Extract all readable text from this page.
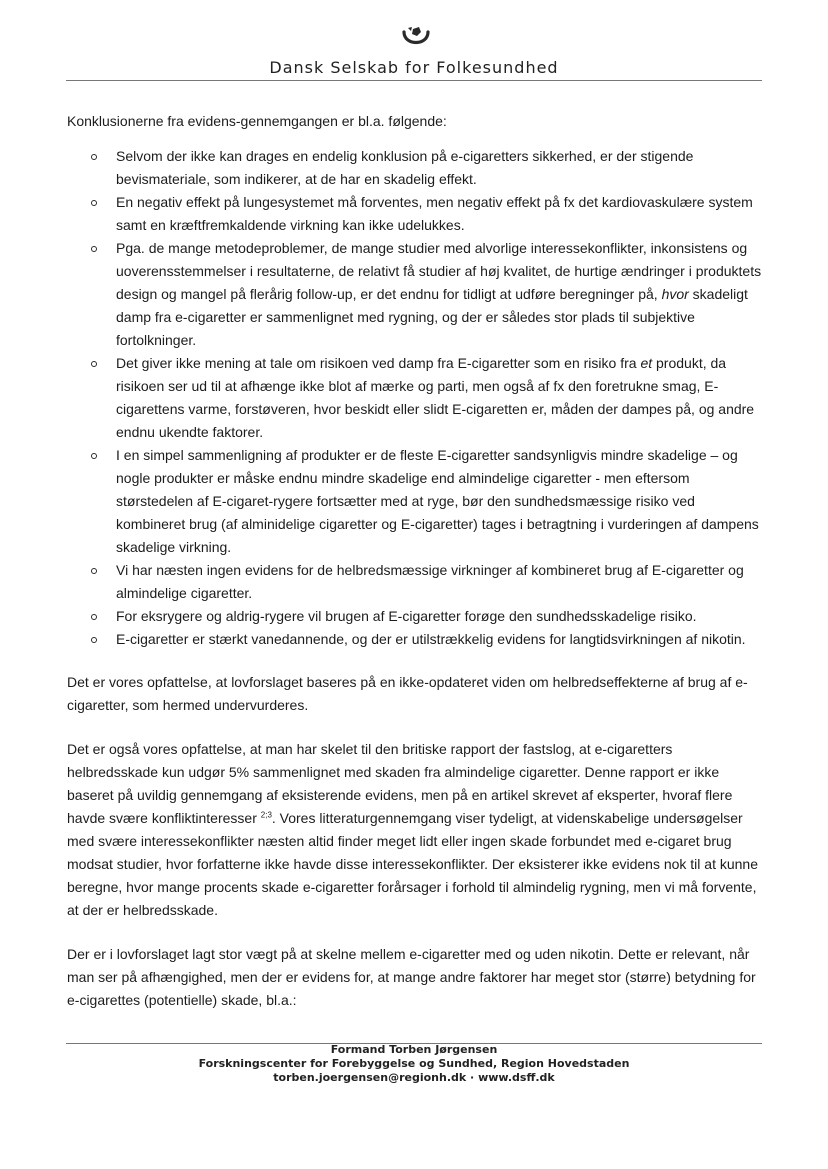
Dansk Selskab for Folkesundhed

Konklusionerne fra evidens-gennemgangen er bl.a. følgende:

Selvom der ikke kan drages en endelig konklusion på e-cigaretters sikkerhed, er der stigende bevismateriale, som indikerer, at de har en skadelig effekt.
En negativ effekt på lungesystemet må forventes, men negativ effekt på fx det kardiovaskulære system samt en kræftfremkaldende virkning kan ikke udelukkes.
Pga. de mange metodeproblemer, de mange studier med alvorlige interessekonflikter, inkonsistens og uoverensstemmelser i resultaterne, de relativt få studier af høj kvalitet, de hurtige ændringer i produktets design og mangel på flerårig follow-up, er det endnu for tidligt at udføre beregninger på, hvor skadeligt damp fra e-cigaretter er sammenlignet med rygning, og der er således stor plads til subjektive fortolkninger.
Det giver ikke mening at tale om risikoen ved damp fra E-cigaretter som en risiko fra et produkt, da risikoen ser ud til at afhænge ikke blot af mærke og parti, men også af fx den foretrukne smag, E-cigarettens varme, forstøveren, hvor beskidt eller slidt E-cigaretten er, måden der dampes på, og andre endnu ukendte faktorer.
I en simpel sammenligning af produkter er de fleste E-cigaretter sandsynligvis mindre skadelige – og nogle produkter er måske endnu mindre skadelige end almindelige cigaretter - men eftersom størstedelen af E-cigaret-rygere fortsætter med at ryge, bør den sundhedsmæssige risiko ved kombineret brug (af alminidelige cigaretter og E-cigaretter) tages i betragtning i vurderingen af dampens skadelige virkning.
Vi har næsten ingen evidens for de helbredsmæssige virkninger af kombineret brug af E-cigaretter og almindelige cigaretter.
For eksrygere og aldrig-rygere vil brugen af E-cigaretter forøge den sundhedsskadelige risiko.
E-cigaretter er stærkt vanedannende, og der er utilstrækkelig evidens for langtidsvirkningen af nikotin.

Det er vores opfattelse, at lovforslaget baseres på en ikke-opdateret viden om helbredseffekterne af brug af e-cigaretter, som hermed undervurderes.

Det er også vores opfattelse, at man har skelet til den britiske rapport der fastslog, at e-cigaretters helbredsskade kun udgør 5% sammenlignet med skaden fra almindelige cigaretter. Denne rapport er ikke baseret på uvildig gennemgang af eksisterende evidens, men på en artikel skrevet af eksperter, hvoraf flere havde svære konfliktinteresser $^{2;3}$. Vores litteraturgennemgang viser tydeligt, at videnskabelige undersøgelser med svære interessekonflikter næsten altid finder meget lidt eller ingen skade forbundet med e-cigaret brug modsat studier, hvor forfatterne ikke havde disse interessekonflikter. Der eksisterer ikke evidens nok til at kunne beregne, hvor mange procents skade e-cigaretter forårsager i forhold til almindelig rygning, men vi må forvente, at der er helbredsskade.

Der er i lovforslaget lagt stor vægt på at skelne mellem e-cigaretter med og uden nikotin. Dette er relevant, når man ser på afhængighed, men der er evidens for, at mange andre faktorer har meget stor (større) betydning for e-cigarettes (potentielle) skade, bl.a.:

Formand Torben Jørgensen
Forskningscenter for Forebyggelse og Sundhed, Region Hovedstaden
torben.joergensen@regionh.dk · www.dsff.dk
